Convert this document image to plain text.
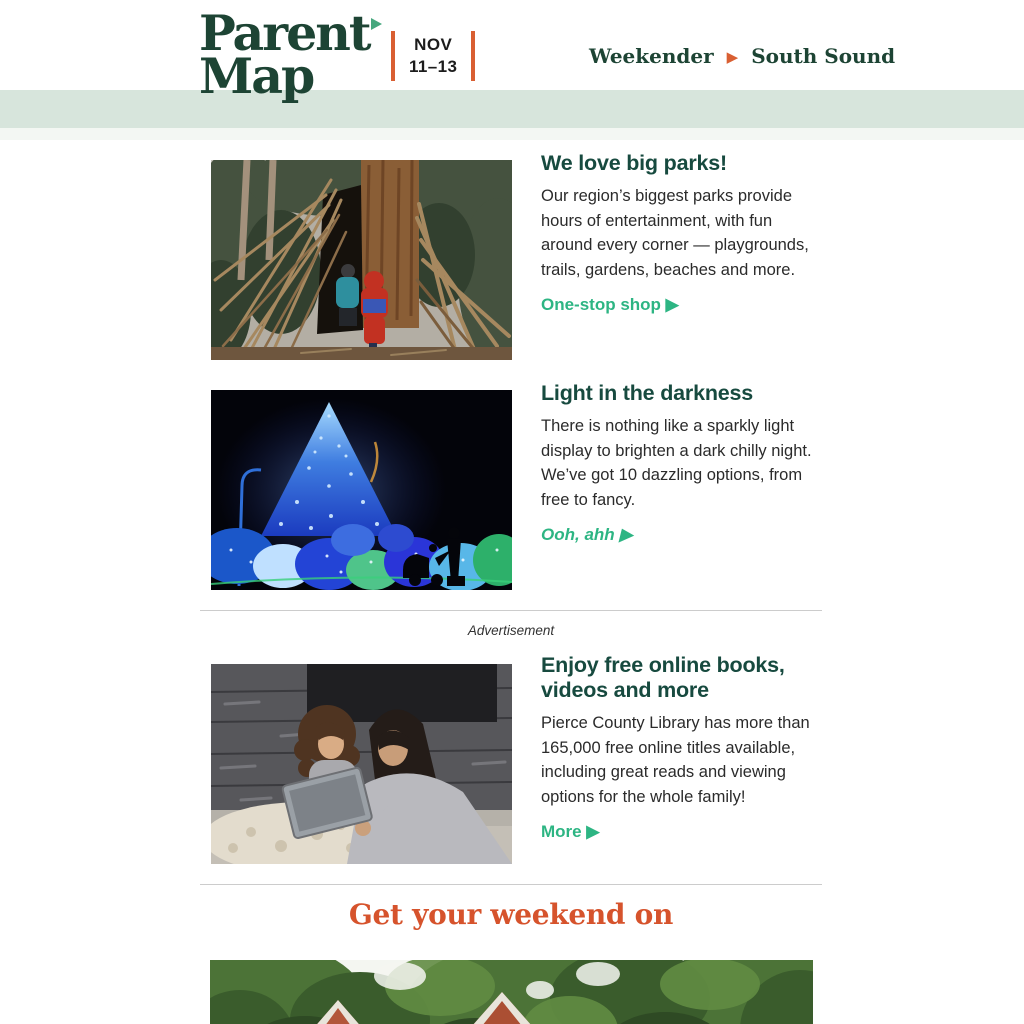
Parent
Map
NOV
11–13	Weekender ▶ South Sound
We love big parks!

Our region’s biggest parks provide hours of entertainment, with fun around every corner — playgrounds, trails, gardens, beaches and more.

One-stop shop ▶
Light in the darkness

There is nothing like a sparkly light display to brighten a dark chilly night. We’ve got 10 dazzling options, from free to fancy.

Ooh, ahh ▶
Advertisement
Enjoy free online books, videos and more

Pierce County Library has more than 165,000 free online titles available, including great reads and viewing options for the whole family!

More ▶
Get your weekend on
